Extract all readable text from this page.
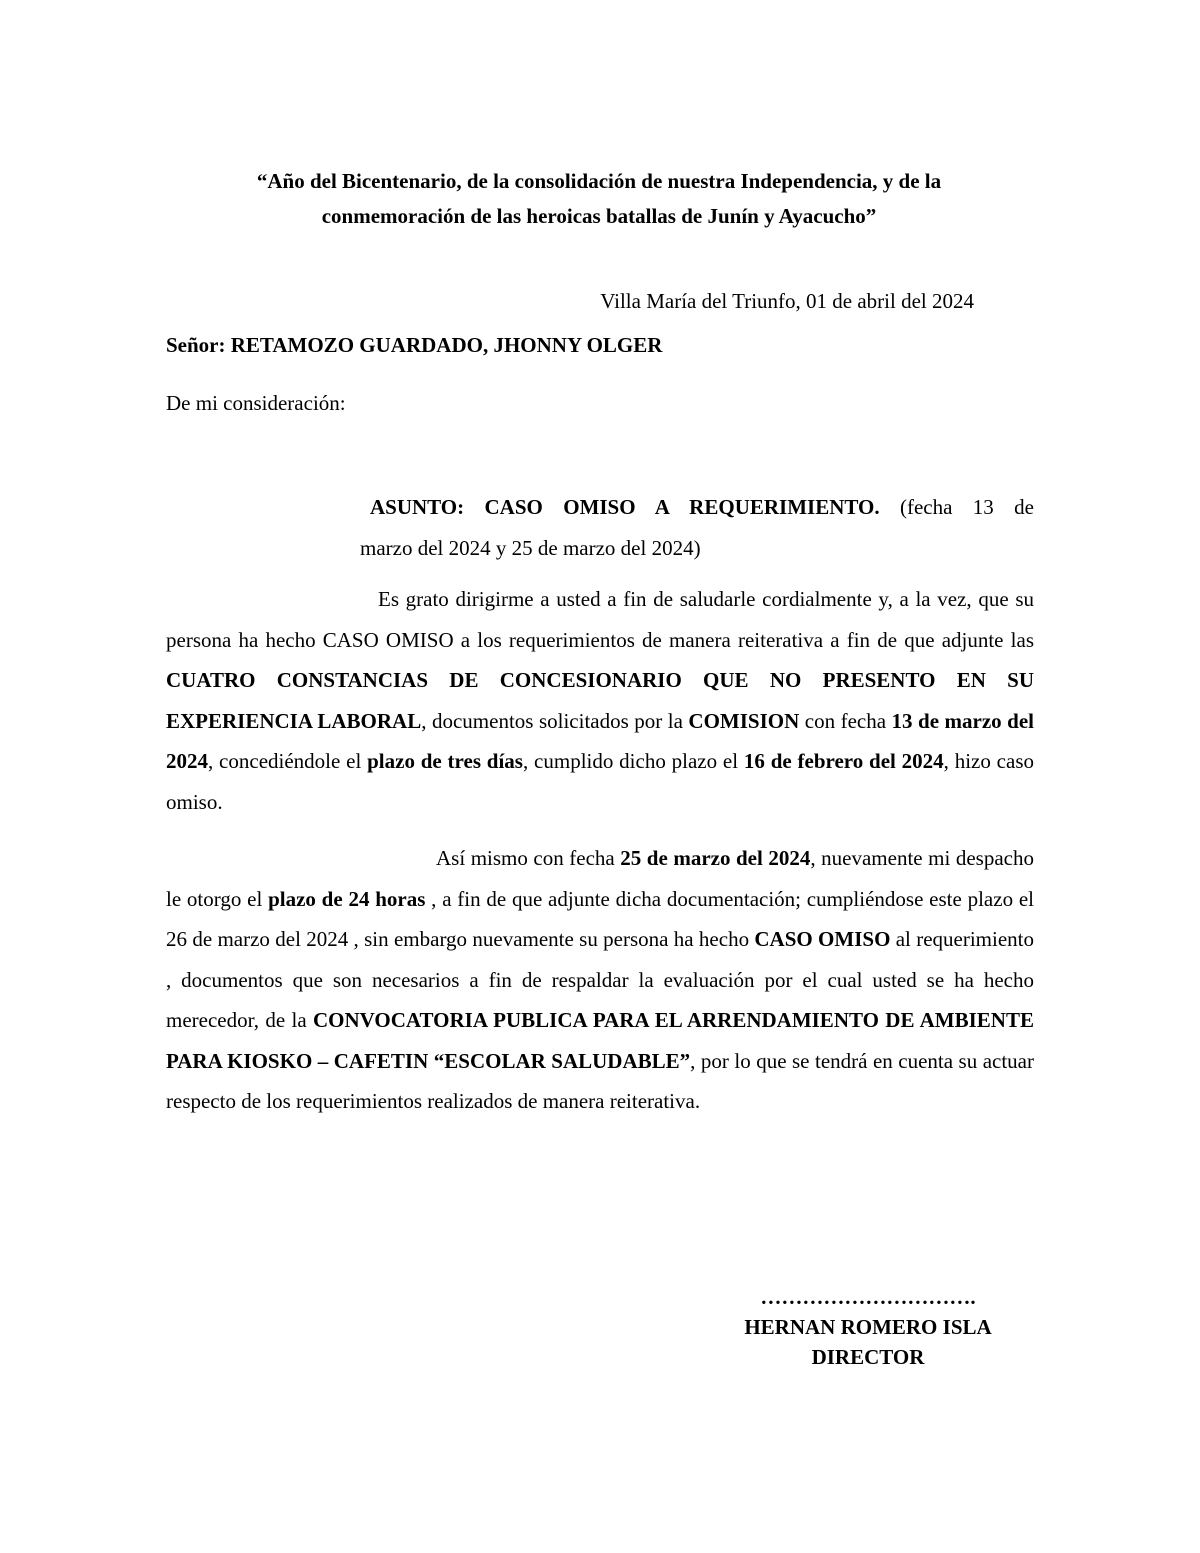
“Año del Bicentenario, de la consolidación de nuestra Independencia, y de la
conmemoración de las heroicas batallas de Junín y Ayacucho”
Villa María del Triunfo, 01 de abril del 2024
Señor: RETAMOZO GUARDADO, JHONNY OLGER
De mi consideración:
ASUNTO: CASO OMISO A REQUERIMIENTO. (fecha 13 de
marzo del 2024 y 25 de marzo del 2024)
Es grato dirigirme a usted a fin de saludarle cordialmente y, a la vez, que su persona ha hecho CASO OMISO a los requerimientos de manera reiterativa a fin de que adjunte las CUATRO CONSTANCIAS DE CONCESIONARIO QUE NO PRESENTO EN SU EXPERIENCIA LABORAL, documentos solicitados por la COMISION con fecha 13 de marzo del 2024, concediéndole el plazo de tres días, cumplido dicho plazo el 16 de febrero del 2024, hizo caso omiso.
Así mismo con fecha 25 de marzo del 2024, nuevamente mi despacho le otorgo el plazo de 24 horas , a fin de que adjunte dicha documentación; cumpliéndose este plazo el 26 de marzo del 2024 , sin embargo nuevamente su persona ha hecho CASO OMISO al requerimiento , documentos que son necesarios a fin de respaldar la evaluación por el cual usted se ha hecho merecedor, de la CONVOCATORIA PUBLICA PARA EL ARRENDAMIENTO DE AMBIENTE PARA KIOSKO – CAFETIN “ESCOLAR SALUDABLE”, por lo que se tendrá en cuenta su actuar respecto de los requerimientos realizados de manera reiterativa.
………………………….
HERNAN ROMERO ISLA
DIRECTOR
